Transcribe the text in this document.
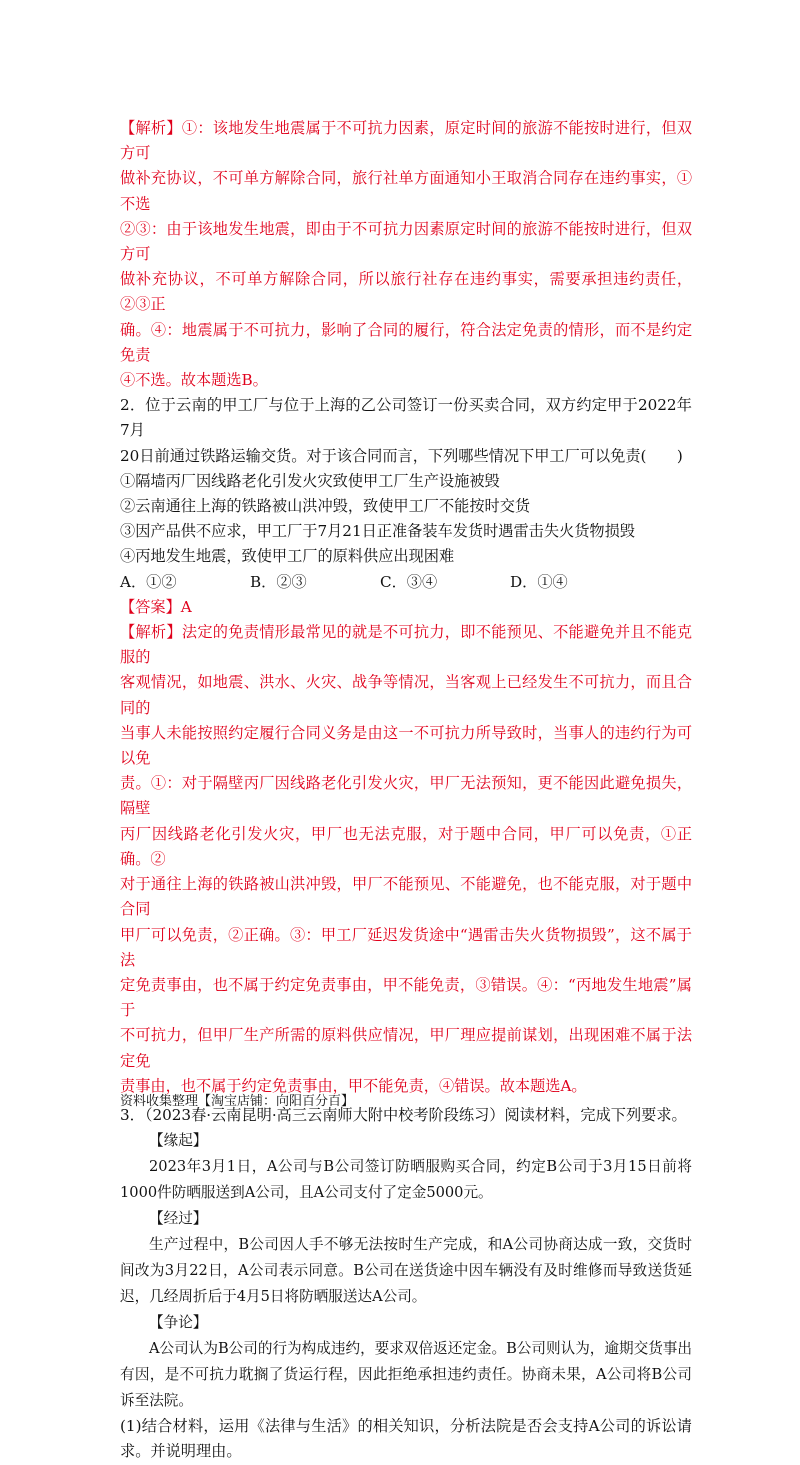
【解析】①：该地发生地震属于不可抗力因素，原定时间的旅游不能按时进行，但双方可

做补充协议，不可单方解除合同，旅行社单方面通知小王取消合同存在违约事实，①不选

②③：由于该地发生地震，即由于不可抗力因素原定时间的旅游不能按时进行，但双方可

做补充协议，不可单方解除合同，所以旅行社存在违约事实，需要承担违约责任，②③正

确。④：地震属于不可抗力，影响了合同的履行，符合法定免责的情形，而不是约定免责

④不选。故本题选B。

2．位于云南的甲工厂与位于上海的乙公司签订一份买卖合同，双方约定甲于2022年7月

20日前通过铁路运输交货。对于该合同而言，下列哪些情况下甲工厂可以免责(　　)

①隔墙丙厂因线路老化引发火灾致使甲工厂生产设施被毁

②云南通往上海的铁路被山洪冲毁，致使甲工厂不能按时交货

③因产品供不应求，甲工厂于7月21日正准备装车发货时遇雷击失火货物损毁

④丙地发生地震，致使甲工厂的原料供应出现困难

A．①②	B．②③	C．③④	D．①④

【答案】A

【解析】法定的免责情形最常见的就是不可抗力，即不能预见、不能避免并且不能克服的

客观情况，如地震、洪水、火灾、战争等情况，当客观上已经发生不可抗力，而且合同的

当事人未能按照约定履行合同义务是由这一不可抗力所导致时，当事人的违约行为可以免

责。①：对于隔壁丙厂因线路老化引发火灾，甲厂无法预知，更不能因此避免损失，隔壁

丙厂因线路老化引发火灾，甲厂也无法克服，对于题中合同，甲厂可以免责，①正确。②

对于通往上海的铁路被山洪冲毁，甲厂不能预见、不能避免，也不能克服，对于题中合同

甲厂可以免责，②正确。③：甲工厂延迟发货途中“遇雷击失火货物损毁”，这不属于法

定免责事由，也不属于约定免责事由，甲不能免责，③错误。④：“丙地发生地震”属于

不可抗力，但甲厂生产所需的原料供应情况，甲厂理应提前谋划，出现困难不属于法定免

责事由，也不属于约定免责事由，甲不能免责，④错误。故本题选A。

3．（2023春·云南昆明·高三云南师大附中校考阶段练习）阅读材料，完成下列要求。

【缘起】

2023年3月1日，A公司与B公司签订防晒服购买合同，约定B公司于3月15日前将1000件防晒服送到A公司，且A公司支付了定金5000元。

【经过】

生产过程中，B公司因人手不够无法按时生产完成，和A公司协商达成一致，交货时间改为3月22日，A公司表示同意。B公司在送货途中因车辆没有及时维修而导致送货延迟，几经周折后于4月5日将防晒服送达A公司。

【争论】

A公司认为B公司的行为构成违约，要求双倍返还定金。B公司则认为，逾期交货事出有因，是不可抗力耽搁了货运行程，因此拒绝承担违约责任。协商未果，A公司将B公司诉至法院。

(1)结合材料，运用《法律与生活》的相关知识，分析法院是否会支持A公司的诉讼请求。并说明理由。

资料收集整理【淘宝店铺：向阳百分百】
